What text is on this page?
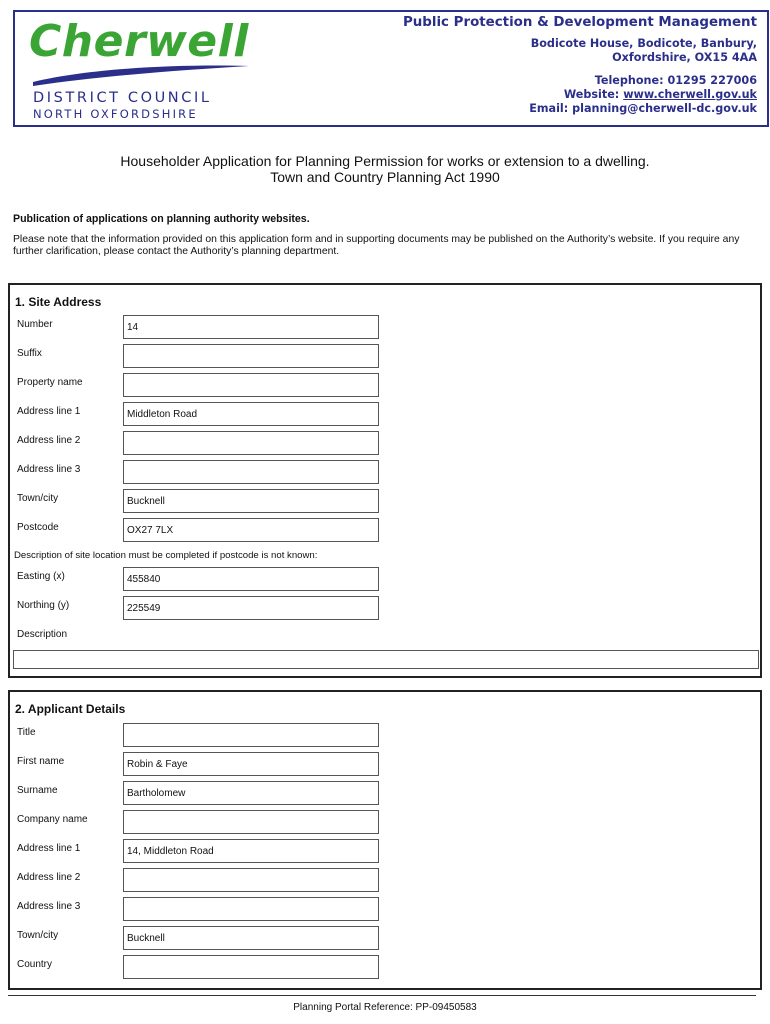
Cherwell
DISTRICT COUNCIL
NORTH OXFORDSHIRE
Public Protection & Development Management
Bodicote House, Bodicote, Banbury,
Oxfordshire, OX15 4AA
Telephone: 01295 227006
Website: www.cherwell.gov.uk
Email: planning@cherwell-dc.gov.uk
Householder Application for Planning Permission for works or extension to a dwelling.
Town and Country Planning Act 1990
Publication of applications on planning authority websites.
Please note that the information provided on this application form and in supporting documents may be published on the Authority’s website. If you require any further clarification, please contact the Authority’s planning department.
1. Site Address
Number	14
Suffix
Property name
Address line 1	Middleton Road
Address line 2
Address line 3
Town/city	Bucknell
Postcode	OX27 7LX
Description of site location must be completed if postcode is not known:
Easting (x)	455840
Northing (y)	225549
Description
2. Applicant Details
Title
First name	Robin & Faye
Surname	Bartholomew
Company name
Address line 1	14, Middleton Road
Address line 2
Address line 3
Town/city	Bucknell
Country
Planning Portal Reference: PP-09450583
